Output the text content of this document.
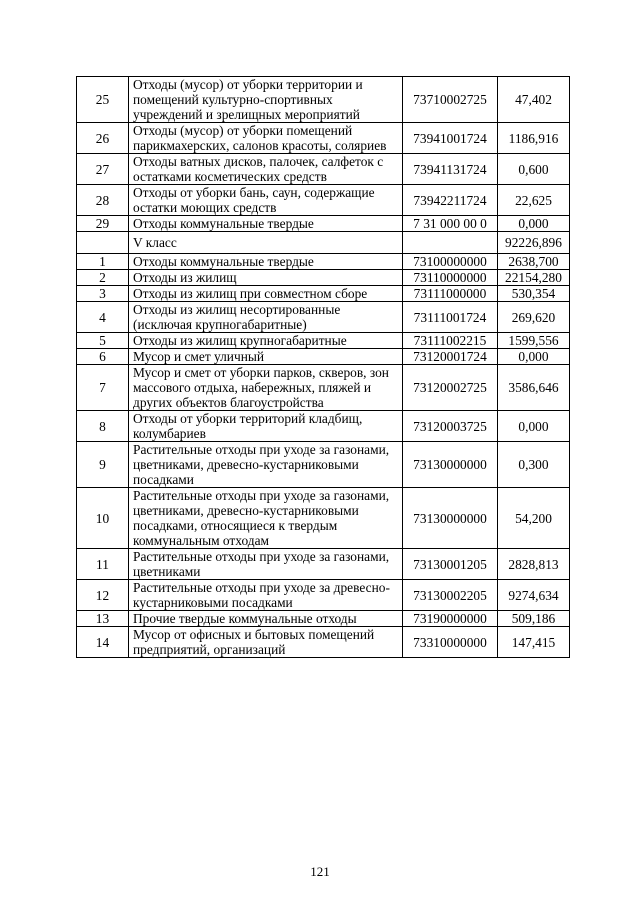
25	Отходы (мусор) от уборки территории и помещений культурно-спортивных учреждений и зрелищных мероприятий	73710002725	47,402
26	Отходы (мусор) от уборки помещений парикмахерских, салонов красоты, соляриев	73941001724	1186,916
27	Отходы ватных дисков, палочек, салфеток с остатками косметических средств	73941131724	0,600
28	Отходы от уборки бань, саун, содержащие остатки моющих средств	73942211724	22,625
29	Отходы коммунальные твердые	7 31 000 00 0	0,000
	V класс		92226,896
1	Отходы коммунальные твердые	73100000000	2638,700
2	Отходы из жилищ	73110000000	22154,280
3	Отходы из жилищ при совместном сборе	73111000000	530,354
4	Отходы из жилищ несортированные (исключая крупногабаритные)	73111001724	269,620
5	Отходы из жилищ крупногабаритные	73111002215	1599,556
6	Мусор и смет уличный	73120001724	0,000
7	Мусор и смет от уборки парков, скверов, зон массового отдыха, набережных, пляжей и других объектов благоустройства	73120002725	3586,646
8	Отходы от уборки территорий кладбищ, колумбариев	73120003725	0,000
9	Растительные отходы при уходе за газонами, цветниками, древесно-кустарниковыми посадками	73130000000	0,300
10	Растительные отходы при уходе за газонами, цветниками, древесно-кустарниковыми посадками, относящиеся к твердым коммунальным отходам	73130000000	54,200
11	Растительные отходы при уходе за газонами, цветниками	73130001205	2828,813
12	Растительные отходы при уходе за древесно-кустарниковыми посадками	73130002205	9274,634
13	Прочие твердые коммунальные отходы	73190000000	509,186
14	Мусор от офисных и бытовых помещений предприятий, организаций	73310000000	147,415
121
